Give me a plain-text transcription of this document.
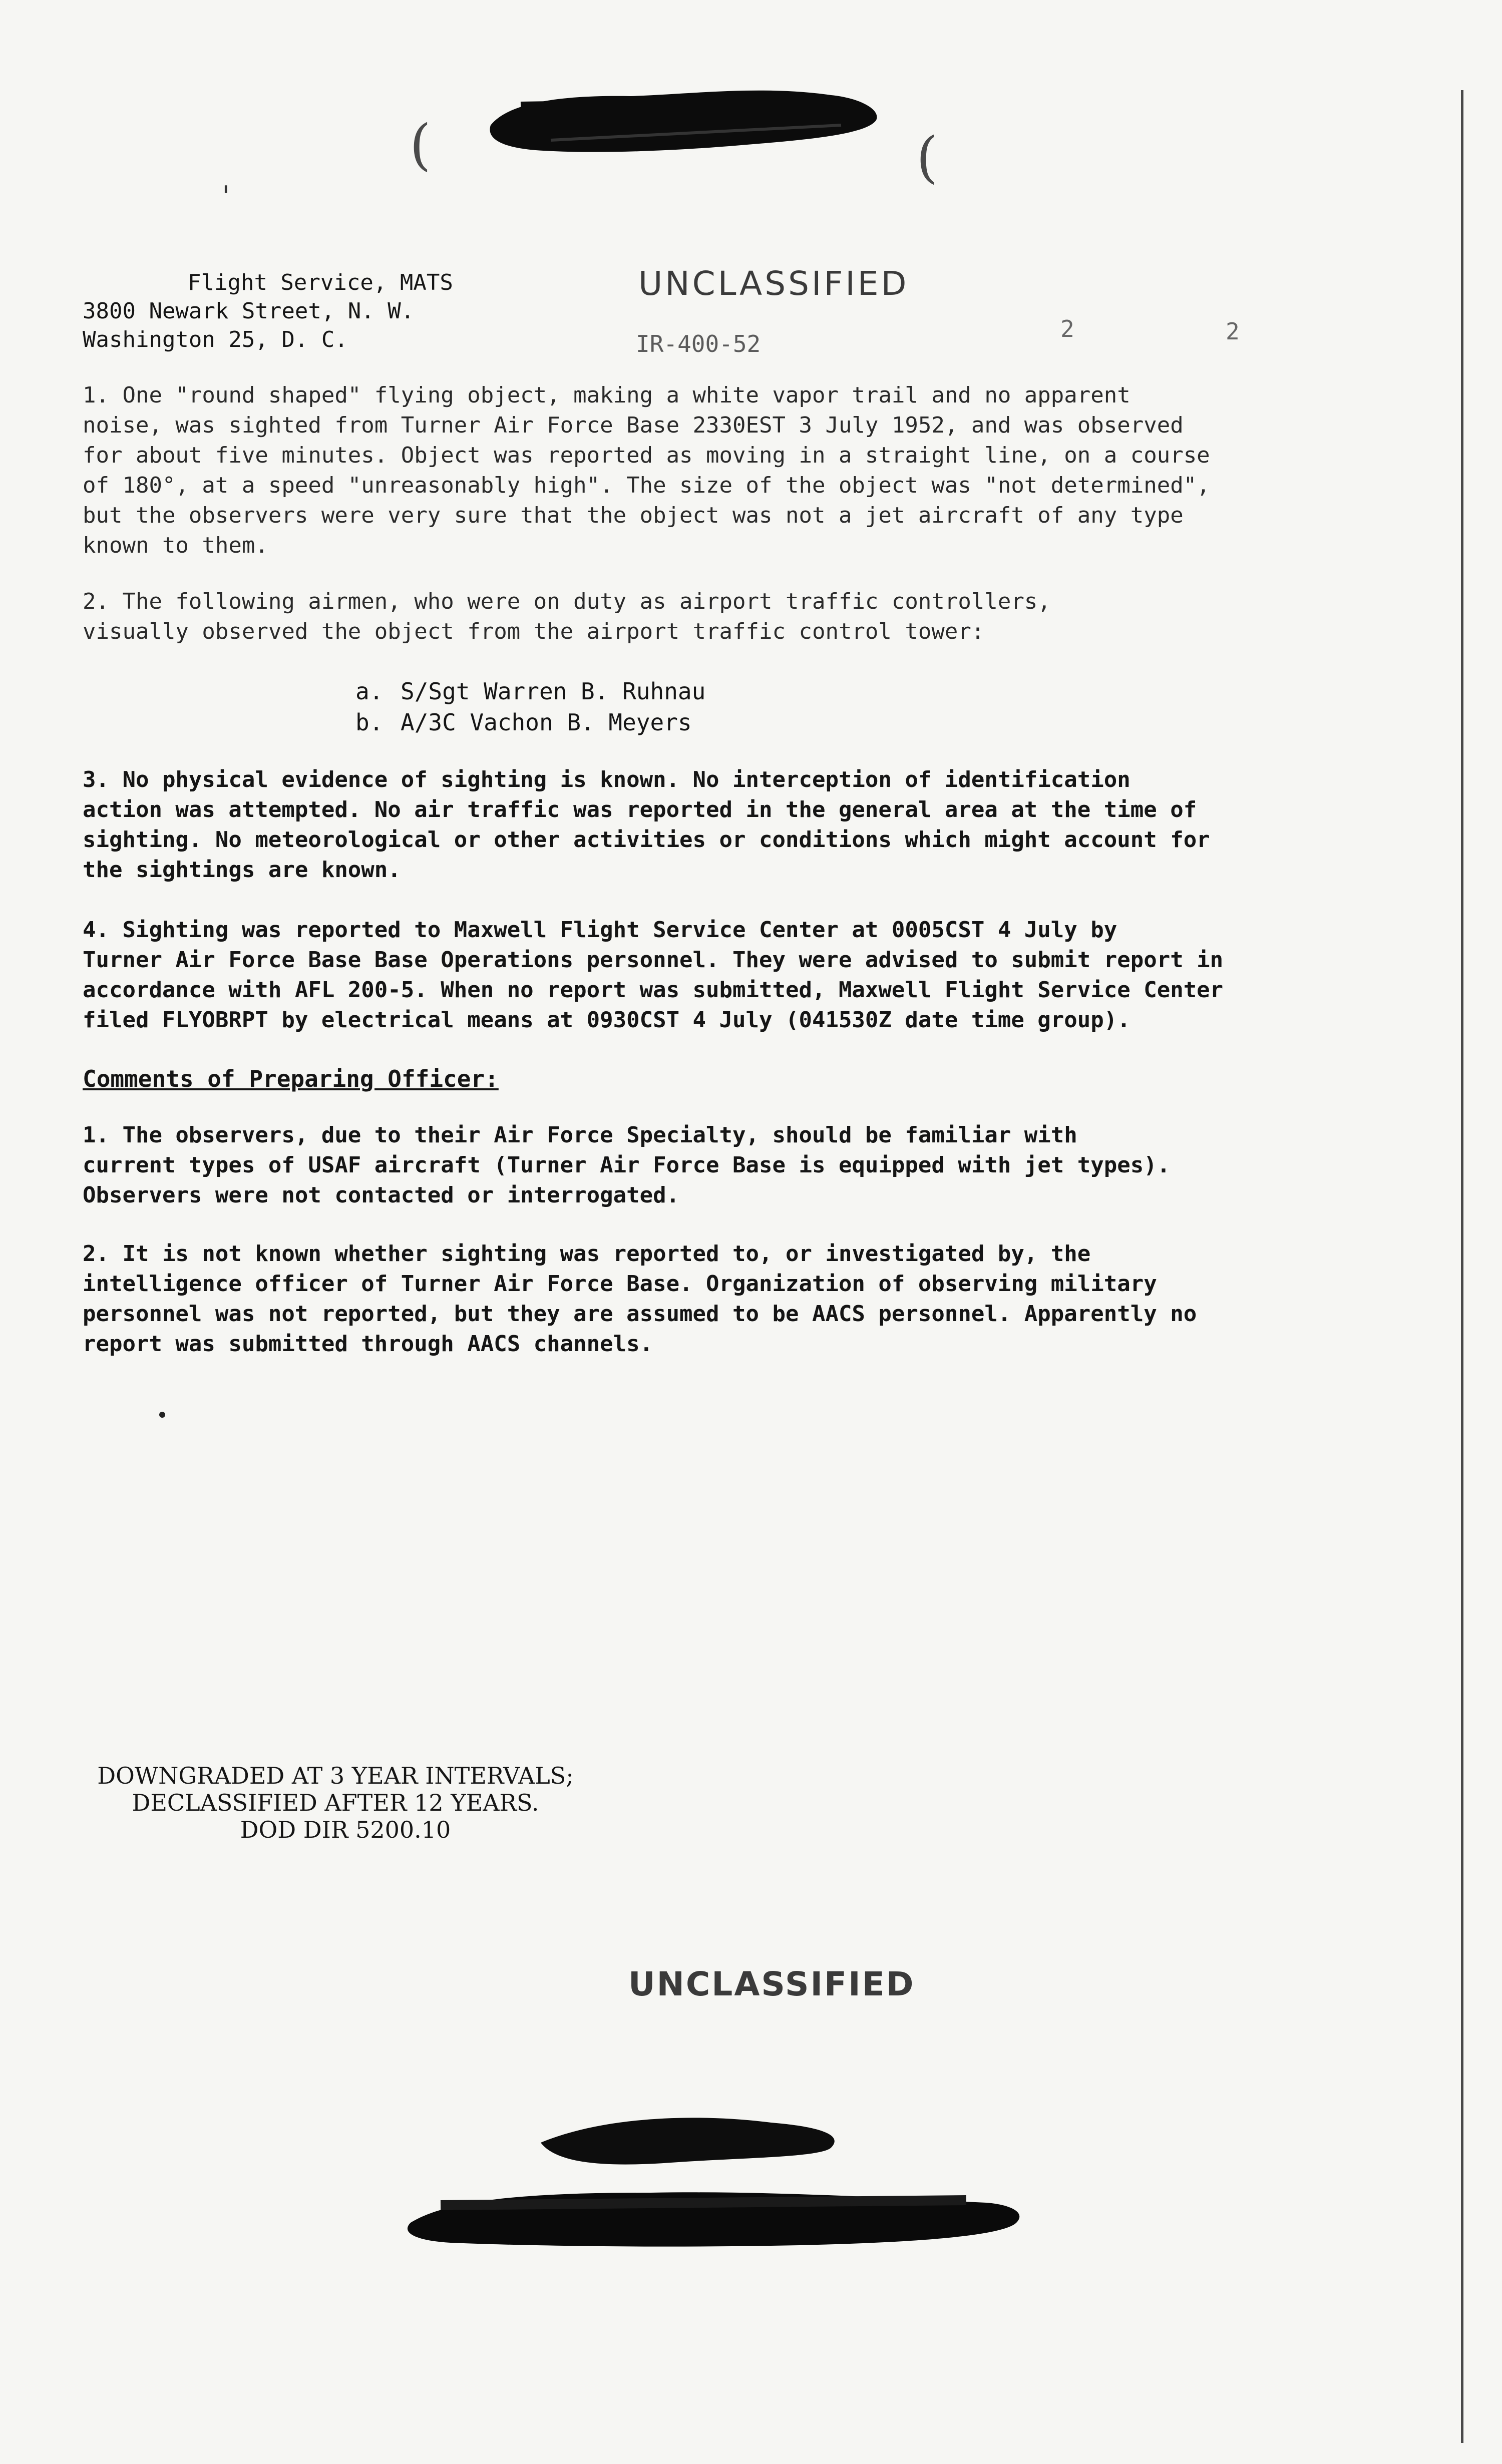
(	(
'
Flight Service, MATS
3800 Newark Street, N. W.
Washington 25, D. C.
UNCLASSIFIED
IR-400-52
2	2
1. One "round shaped" flying object, making a white vapor trail and no apparent
noise, was sighted from Turner Air Force Base 2330EST 3 July 1952, and was observed
for about five minutes. Object was reported as moving in a straight line, on a course
of 180°, at a speed "unreasonably high". The size of the object was "not determined",
but the observers were very sure that the object was not a jet aircraft of any type
known to them.
2. The following airmen, who were on duty as airport traffic controllers,
visually observed the object from the airport traffic control tower:
a. S/Sgt Warren B. Ruhnau
b. A/3C Vachon B. Meyers
3. No physical evidence of sighting is known. No interception of identification
action was attempted. No air traffic was reported in the general area at the time of
sighting. No meteorological or other activities or conditions which might account for
the sightings are known.
4. Sighting was reported to Maxwell Flight Service Center at 0005CST 4 July by
Turner Air Force Base Base Operations personnel. They were advised to submit report in
accordance with AFL 200-5. When no report was submitted, Maxwell Flight Service Center
filed FLYOBRPT by electrical means at 0930CST 4 July (041530Z date time group).
Comments of Preparing Officer:
1. The observers, due to their Air Force Specialty, should be familiar with
current types of USAF aircraft (Turner Air Force Base is equipped with jet types).
Observers were not contacted or interrogated.
2. It is not known whether sighting was reported to, or investigated by, the
intelligence officer of Turner Air Force Base. Organization of observing military
personnel was not reported, but they are assumed to be AACS personnel. Apparently no
report was submitted through AACS channels.
DOWNGRADED AT 3 YEAR INTERVALS;
DECLASSIFIED AFTER 12 YEARS.
DOD DIR 5200.10
UNCLASSIFIED
